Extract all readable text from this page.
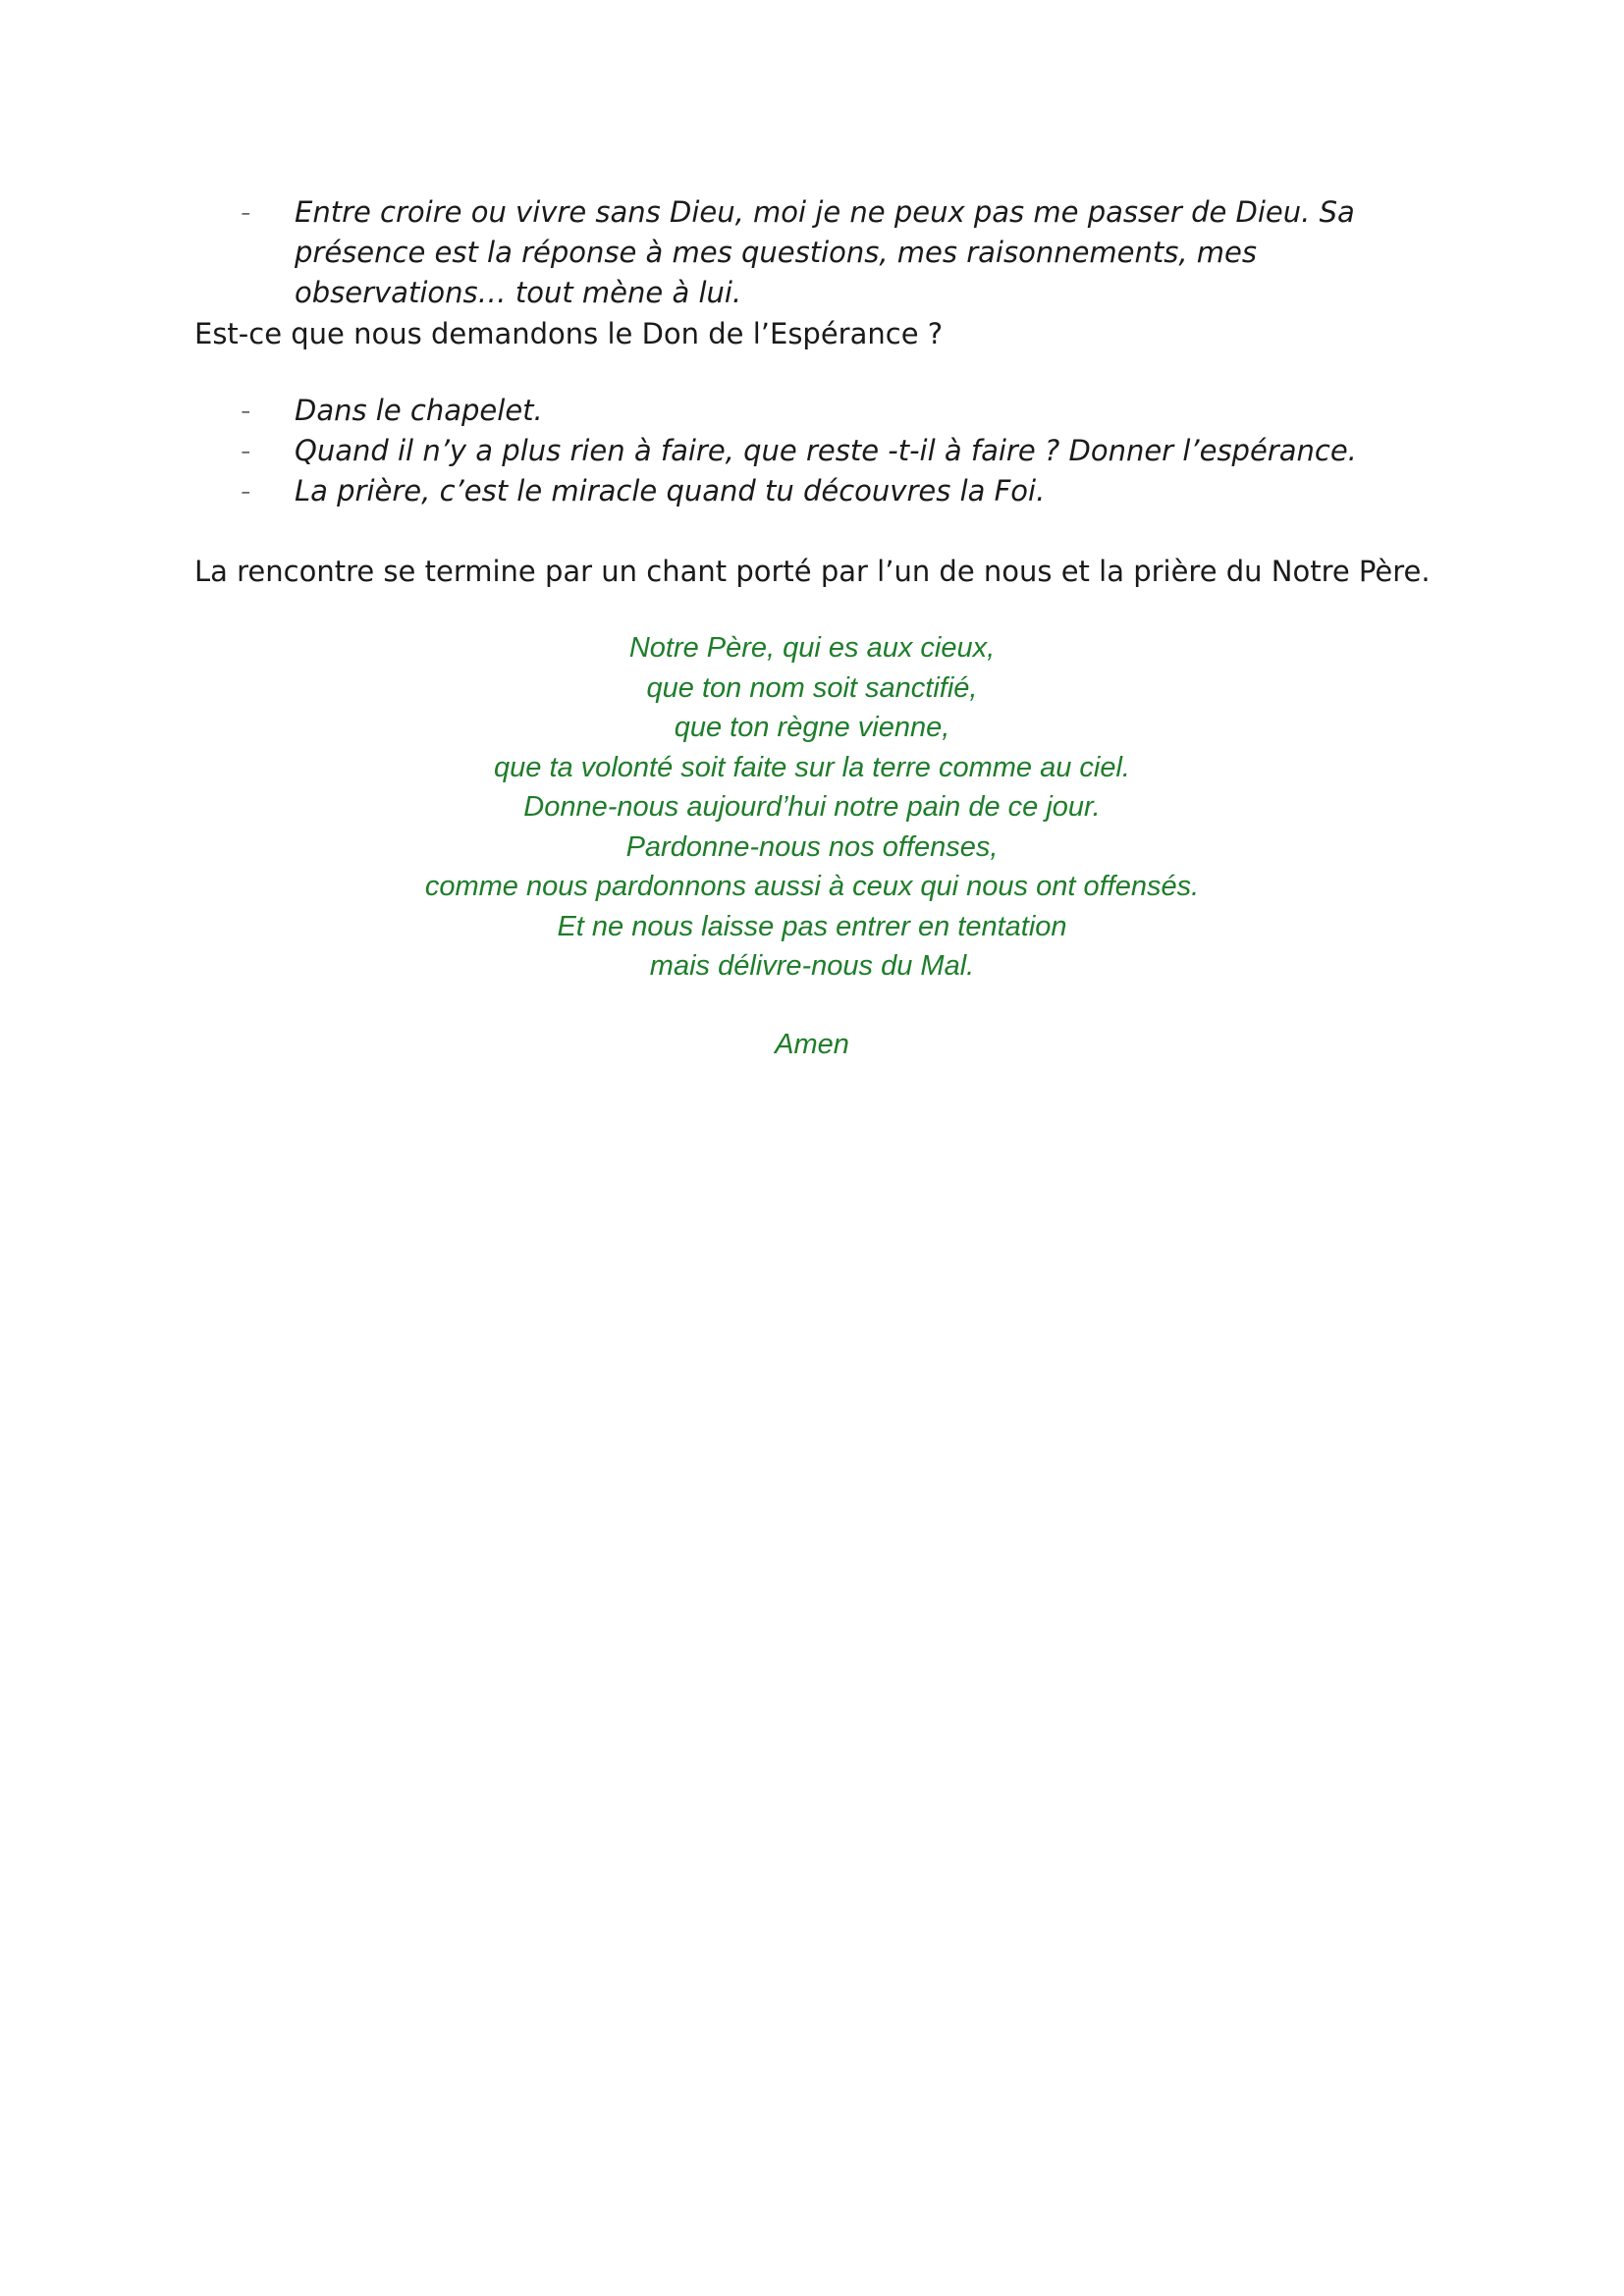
- Entre croire ou vivre sans Dieu, moi je ne peux pas me passer de Dieu. Sa présence est la réponse à mes questions, mes raisonnements, mes observations… tout mène à lui.

Est-ce que nous demandons le Don de l’Espérance ?

- Dans le chapelet.
- Quand il n’y a plus rien à faire, que reste -t-il à faire ? Donner l’espérance.
- La prière, c’est le miracle quand tu découvres la Foi.

La rencontre se termine par un chant porté par l’un de nous et la prière du Notre Père.

Notre Père, qui es aux cieux,
que ton nom soit sanctifié,
que ton règne vienne,
que ta volonté soit faite sur la terre comme au ciel.
Donne-nous aujourd’hui notre pain de ce jour.
Pardonne-nous nos offenses,
comme nous pardonnons aussi à ceux qui nous ont offensés.
Et ne nous laisse pas entrer en tentation
mais délivre-nous du Mal.
Amen
